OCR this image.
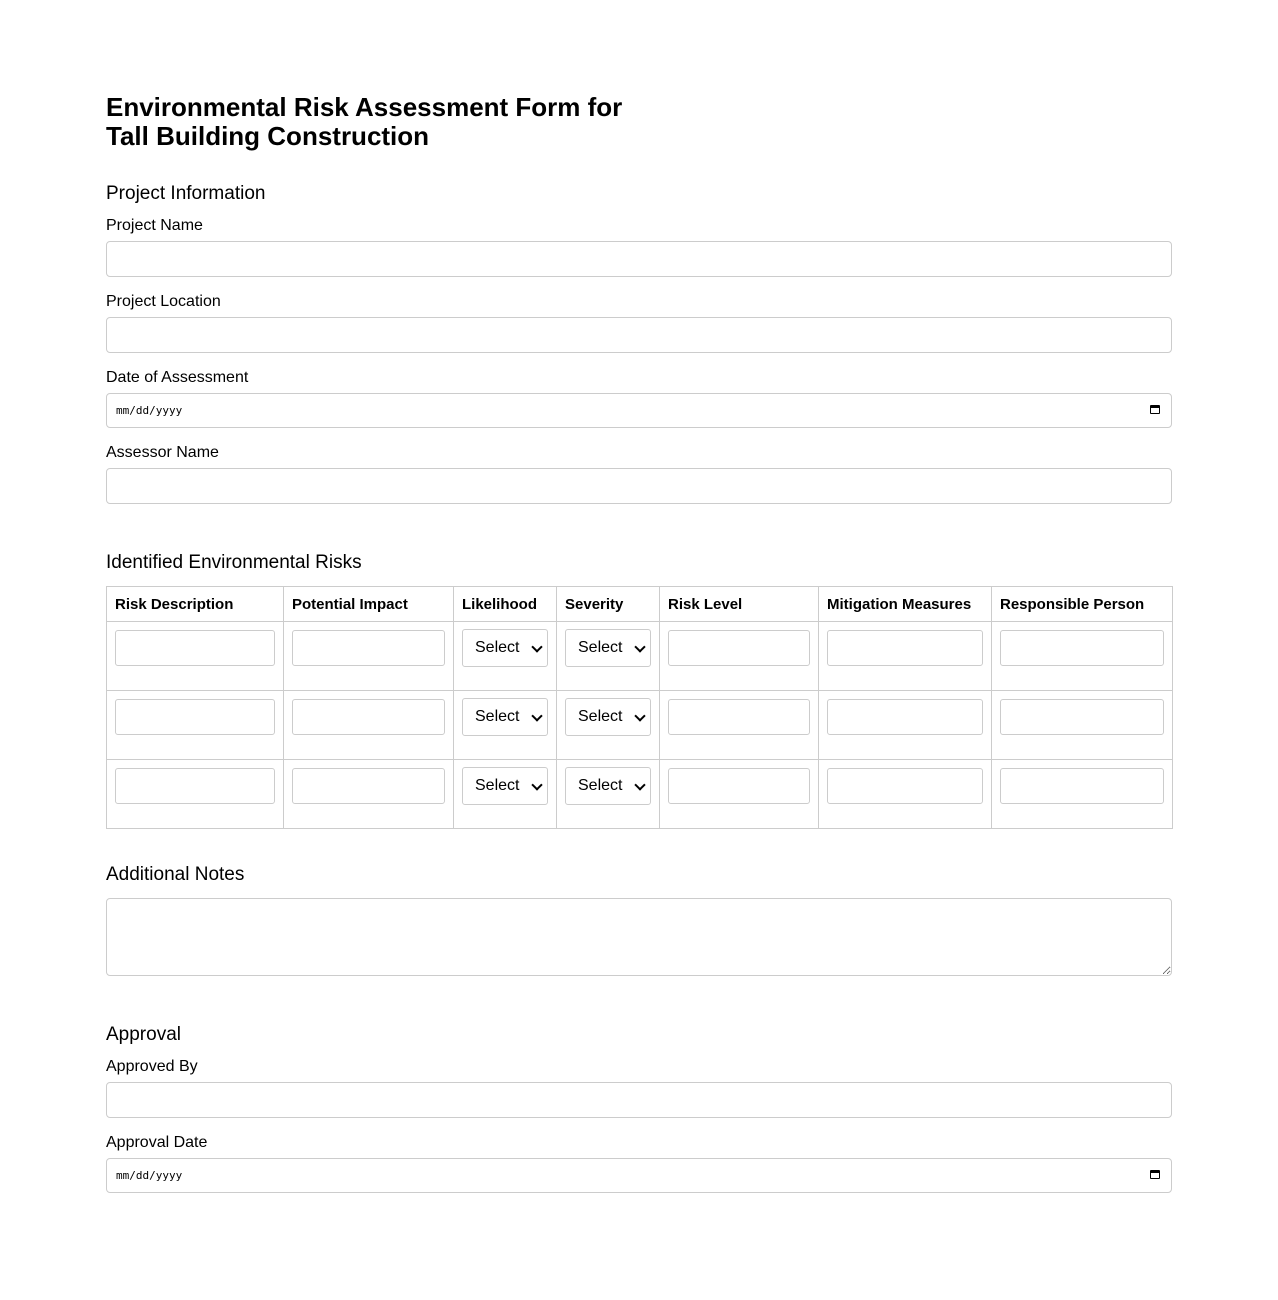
Environmental Risk Assessment Form for Tall Building Construction
Project Information
Project Name
Project Location
Date of Assessment
mm/dd/yyyy
Assessor Name
Identified Environmental Risks
Risk Description	Potential Impact	Likelihood	Severity	Risk Level	Mitigation Measures	Responsible Person

		Select	Select			

		Select	Select			

		Select	Select			

Additional Notes
Approval
Approved By
Approval Date
mm/dd/yyyy
